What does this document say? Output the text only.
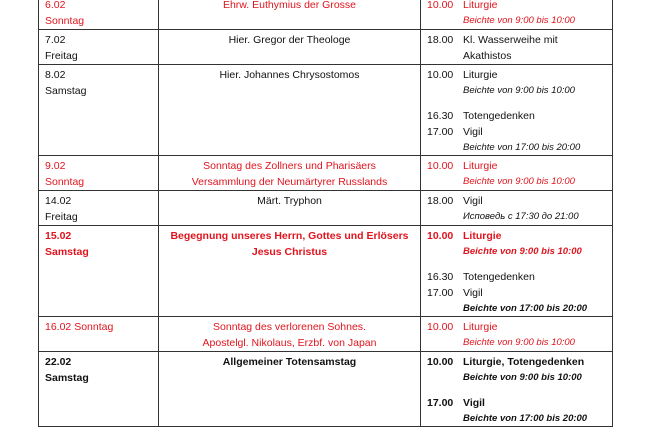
6.02
Sonntag	Ehrw. Euthymius der Grosse	10.00 Liturgie
Beichte von 9:00 bis 10:00

7.02
Freitag	Hier. Gregor der Theologe	18.00 Kl. Wasserweihe mit
Akathistos

8.02
Samstag	Hier. Johannes Chrysostomos	10.00 Liturgie
Beichte von 9:00 bis 10:00
16.30 Totengedenken
17.00 Vigil
Beichte von 17:00 bis 20:00

9.02
Sonntag	Sonntag des Zollners und Pharisäers
Versammlung der Neumärtyrer Russlands	10.00 Liturgie
Beichte von 9:00 bis 10:00

14.02
Freitag	Märt. Tryphon	18.00 Vigil
Исповедь с 17:30 до 21:00

15.02
Samstag	Begegnung unseres Herrn, Gottes und Erlösers
Jesus Christus	10.00 Liturgie
Beichte von 9:00 bis 10:00
16.30 Totengedenken
17.00 Vigil
Beichte von 17:00 bis 20:00

16.02 Sonntag	Sonntag des verlorenen Sohnes.
Apostelgl. Nikolaus, Erzbf. von Japan	10.00 Liturgie
Beichte von 9:00 bis 10:00

22.02
Samstag	Allgemeiner Totensamstag	10.00 Liturgie, Totengedenken
Beichte von 9:00 bis 10:00
17.00 Vigil
Beichte von 17:00 bis 20:00
